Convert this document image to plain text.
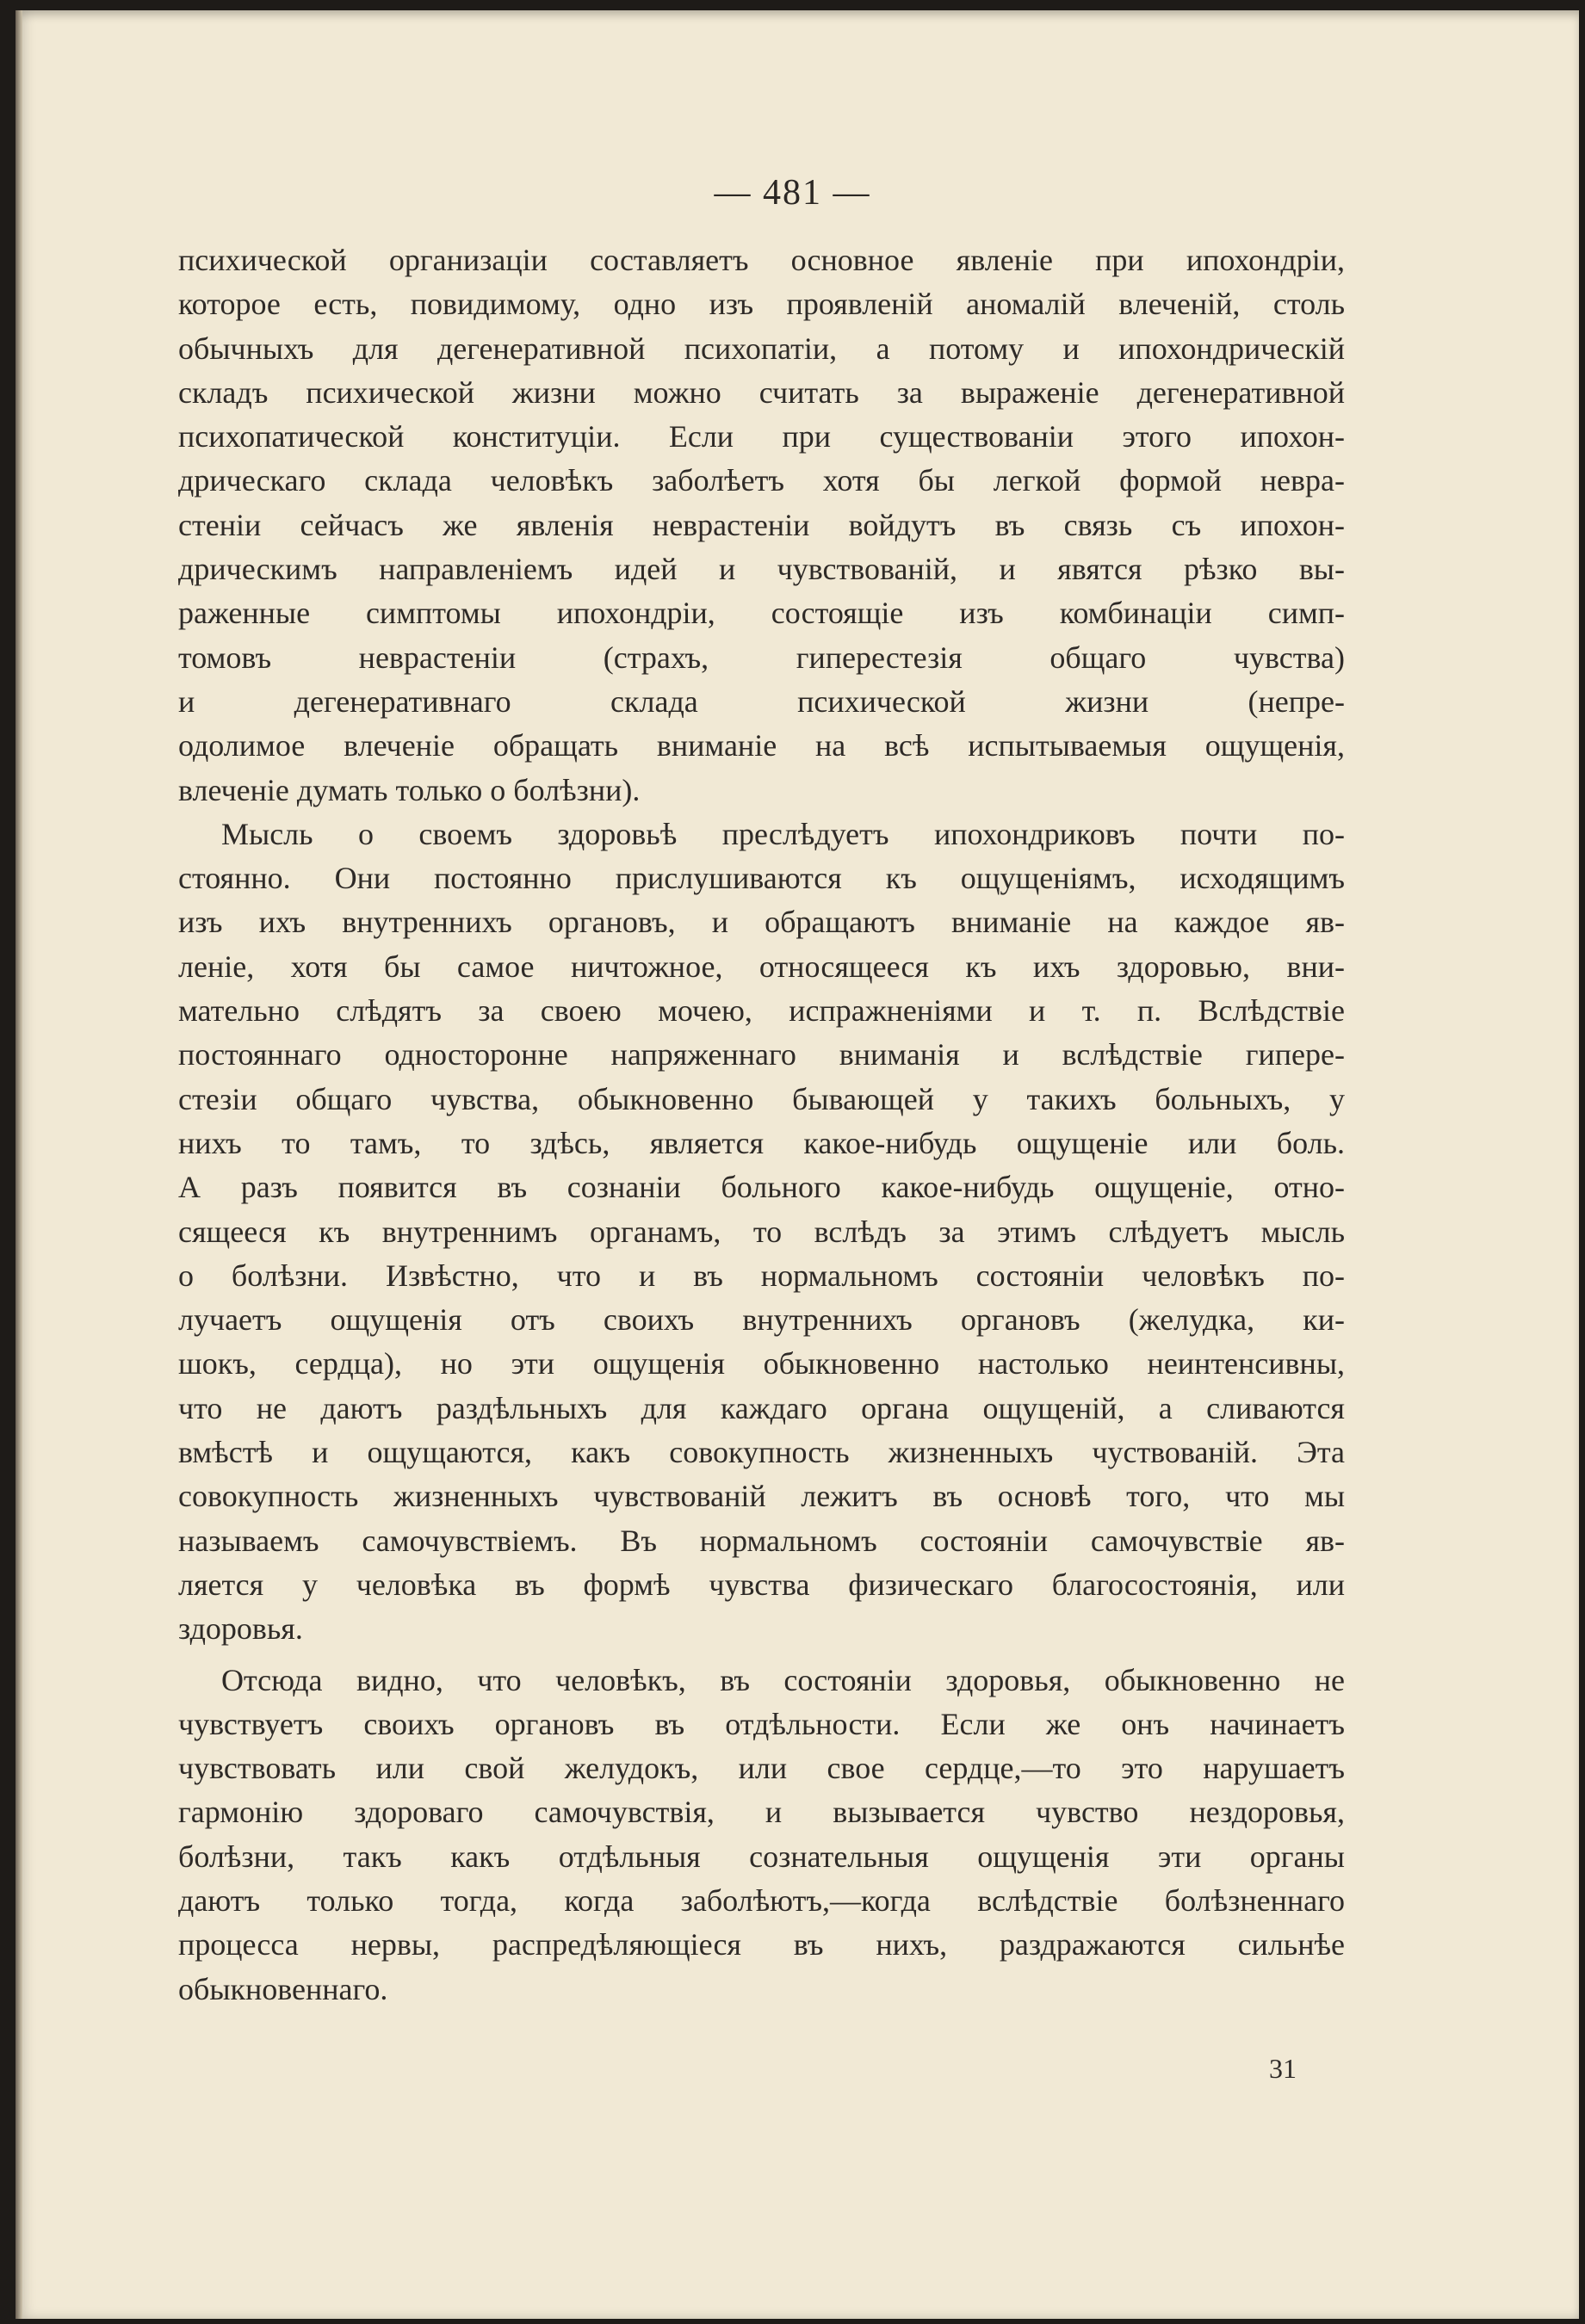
— 481 —
психической организаціи составляетъ основное явленіе при ипохондріи,
которое есть, повидимому, одно изъ проявленій аномалій влеченій, столь
обычныхъ для дегенеративной психопатіи, а потому и ипохондрическій
складъ психической жизни можно считать за выраженіе дегенеративной
психопатической конституціи. Если при существованіи этого ипохон-
дрическаго склада человѣкъ заболѣетъ хотя бы легкой формой невра-
стеніи сейчасъ же явленія неврастеніи войдутъ въ связь съ ипохон-
дрическимъ направленіемъ идей и чувствованій, и явятся рѣзко вы-
раженные симптомы ипохондріи, состоящіе изъ комбинаціи симп-
томовъ неврастеніи (страхъ, гиперестезія общаго чувства)
и дегенеративнаго склада психической жизни (непре-
одолимое влеченіе обращать вниманіе на всѣ испытываемыя ощущенія,
влеченіе думать только о болѣзни).
Мысль о своемъ здоровьѣ преслѣдуетъ ипохондриковъ почти по-
стоянно. Они постоянно прислушиваются къ ощущеніямъ, исходящимъ
изъ ихъ внутреннихъ органовъ, и обращаютъ вниманіе на каждое яв-
леніе, хотя бы самое ничтожное, относящееся къ ихъ здоровью, вни-
мательно слѣдятъ за своею мочею, испражненіями и т. п. Вслѣдствіе
постояннаго односторонне напряженнаго вниманія и вслѣдствіе гипере-
стезіи общаго чувства, обыкновенно бывающей у такихъ больныхъ, у
нихъ то тамъ, то здѣсь, является какое-нибудь ощущеніе или боль.
А разъ появится въ сознаніи больного какое-нибудь ощущеніе, отно-
сящееся къ внутреннимъ органамъ, то вслѣдъ за этимъ слѣдуетъ мысль
о болѣзни. Извѣстно, что и въ нормальномъ состояніи человѣкъ по-
лучаетъ ощущенія отъ своихъ внутреннихъ органовъ (желудка, ки-
шокъ, сердца), но эти ощущенія обыкновенно настолько неинтенсивны,
что не даютъ раздѣльныхъ для каждаго органа ощущеній, а сливаются
вмѣстѣ и ощущаются, какъ совокупность жизненныхъ чуствованій. Эта
совокупность жизненныхъ чувствованій лежитъ въ основѣ того, что мы
называемъ самочувствіемъ. Въ нормальномъ состояніи самочувствіе яв-
ляется у человѣка въ формѣ чувства физическаго благосостоянія, или
здоровья.
Отсюда видно, что человѣкъ, въ состояніи здоровья, обыкновенно не
чувствуетъ своихъ органовъ въ отдѣльности. Если же онъ начинаетъ
чувствовать или свой желудокъ, или свое сердце,—то это нарушаетъ
гармонію здороваго самочувствія, и вызывается чувство нездоровья,
болѣзни, такъ какъ отдѣльныя сознательныя ощущенія эти органы
даютъ только тогда, когда заболѣютъ,—когда вслѣдствіе болѣзненнаго
процесса нервы, распредѣляющіеся въ нихъ, раздражаются сильнѣе
обыкновеннаго.
31
